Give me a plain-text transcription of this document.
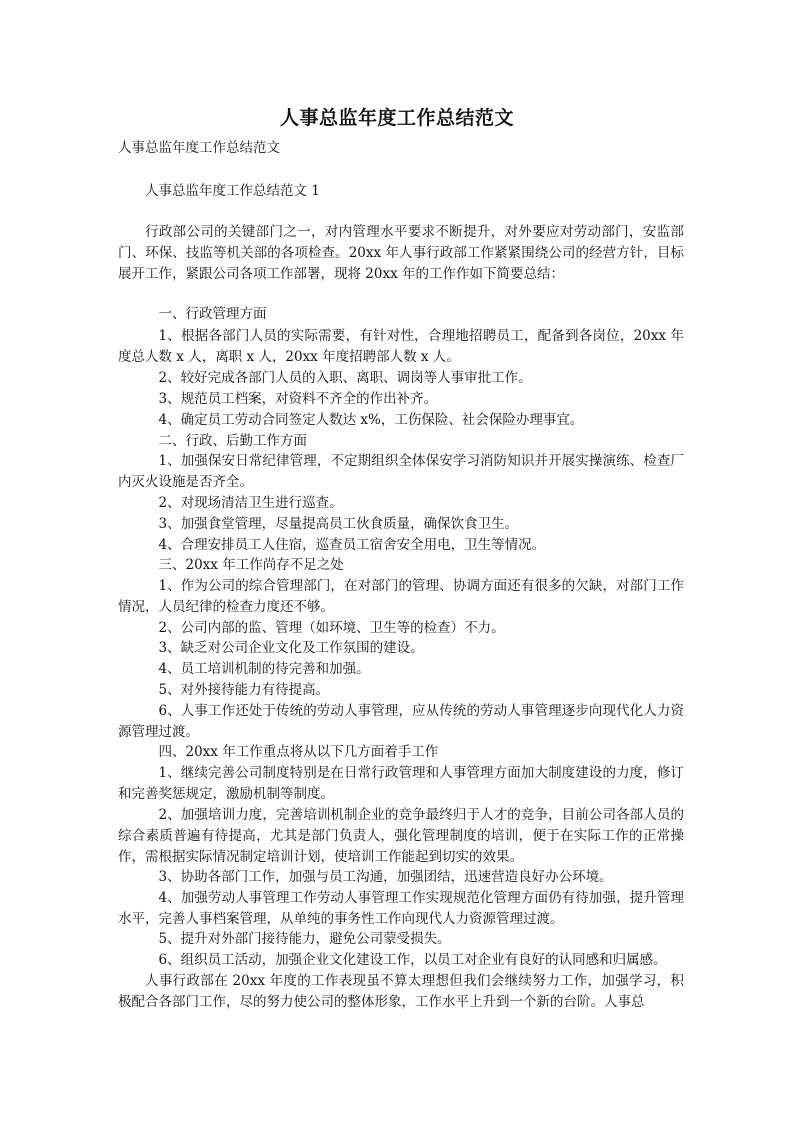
人事总监年度工作总结范文

人事总监年度工作总结范文

人事总监年度工作总结范文 1

行政部公司的关键部门之一，对内管理水平要求不断提升，对外要应对劳动部门，安监部门、环保、技监等机关部的各项检查。20xx 年人事行政部工作紧紧围绕公司的经营方针，目标展开工作，紧跟公司各项工作部署，现将 20xx 年的工作作如下简要总结：

一、行政管理方面

1、根据各部门人员的实际需要，有针对性，合理地招聘员工，配备到各岗位，20xx 年度总人数 x 人，离职 x 人，20xx 年度招聘部人数 x 人。

2、较好完成各部门人员的入职、离职、调岗等人事审批工作。

3、规范员工档案，对资料不齐全的作出补齐。

4、确定员工劳动合同签定人数达 x%，工伤保险、社会保险办理事宜。

二、行政、后勤工作方面

1、加强保安日常纪律管理，不定期组织全体保安学习消防知识并开展实操演练、检查厂内灭火设施是否齐全。

2、对现场清洁卫生进行巡查。

3、加强食堂管理，尽量提高员工伙食质量，确保饮食卫生。

4、合理安排员工人住宿，巡查员工宿舍安全用电，卫生等情况。

三、20xx 年工作尚存不足之处

1、作为公司的综合管理部门，在对部门的管理、协调方面还有很多的欠缺，对部门工作情况，人员纪律的检查力度还不够。

2、公司内部的监、管理（如环境、卫生等的检查）不力。

3、缺乏对公司企业文化及工作氛围的建设。

4、员工培训机制的待完善和加强。

5、对外接待能力有待提高。

6、人事工作还处于传统的劳动人事管理，应从传统的劳动人事管理逐步向现代化人力资源管理过渡。

四、20xx 年工作重点将从以下几方面着手工作

1、继续完善公司制度特别是在日常行政管理和人事管理方面加大制度建设的力度，修订和完善奖惩规定，激励机制等制度。

2、加强培训力度，完善培训机制企业的竞争最终归于人才的竞争，目前公司各部人员的综合素质普遍有待提高，尤其是部门负责人，强化管理制度的培训，便于在实际工作的正常操作，需根据实际情况制定培训计划，使培训工作能起到切实的效果。

3、协助各部门工作，加强与员工沟通，加强团结，迅速营造良好办公环境。

4、加强劳动人事管理工作劳动人事管理工作实现规范化管理方面仍有待加强，提升管理水平，完善人事档案管理，从单纯的事务性工作向现代人力资源管理过渡。

5、提升对外部门接待能力，避免公司蒙受损失。

6、组织员工活动，加强企业文化建设工作，以员工对企业有良好的认同感和归属感。

人事行政部在 20xx 年度的工作表现虽不算太理想但我们会继续努力工作，加强学习，积极配合各部门工作，尽的努力使公司的整体形象，工作水平上升到一个新的台阶。人事总
